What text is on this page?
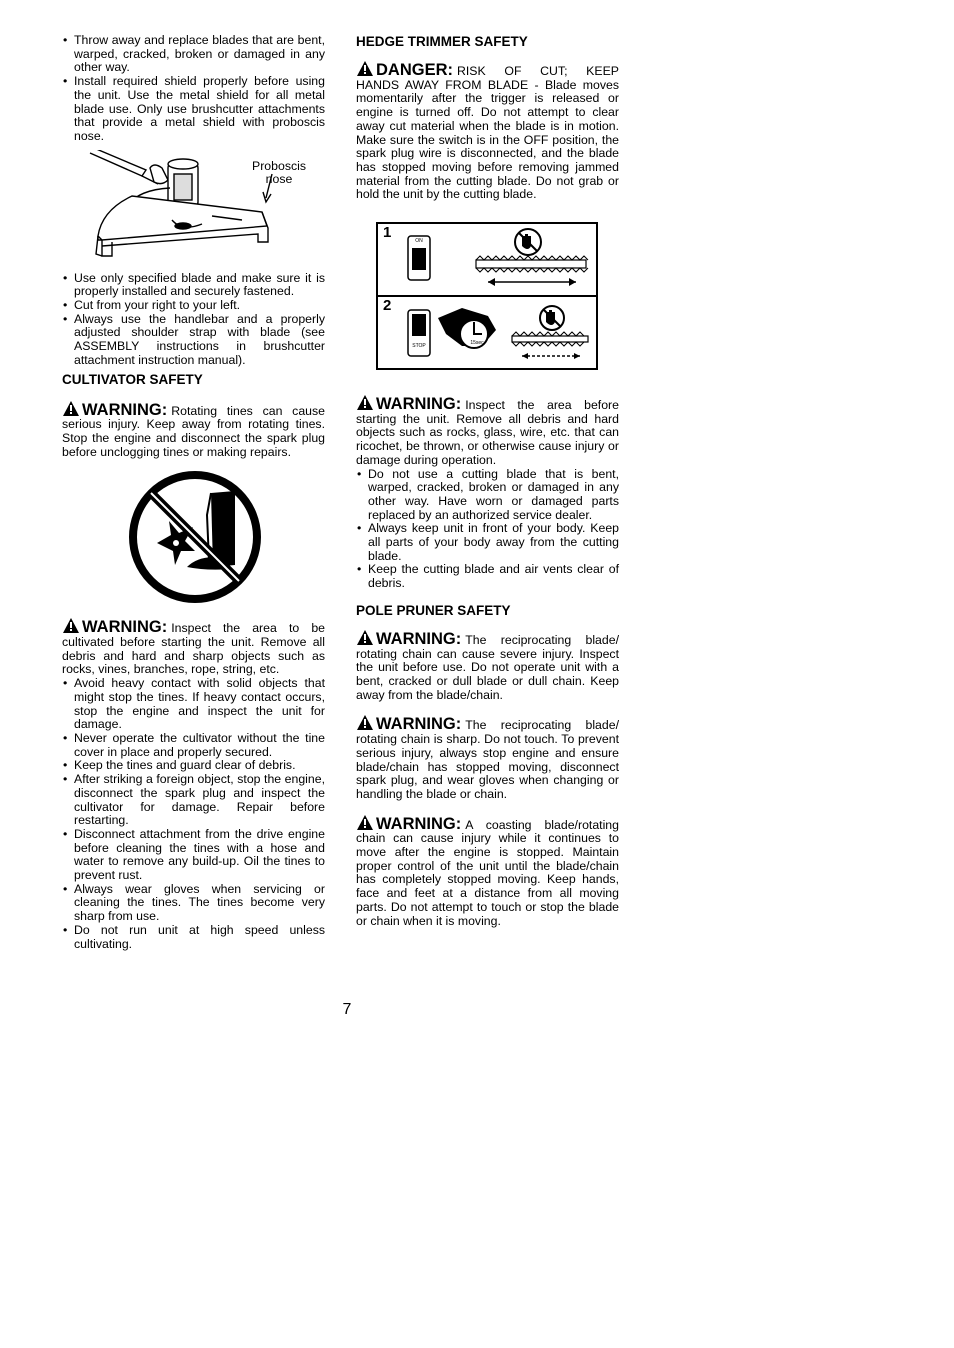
• Throw away and replace blades that are bent, warped, cracked, broken or damaged in any other way.
• Install required shield properly before using the unit. Use the metal shield for all metal blade use. Only use brushcutter attachments that provide a metal shield with proboscis nose.
Proboscis nose
• Use only specified blade and make sure it is properly installed and securely fastened.
• Cut from your right to your left.
• Always use the handlebar and a properly adjusted shoulder strap with blade (see ASSEMBLY instructions in brushcutter attachment instruction manual).
CULTIVATOR SAFETY

WARNING: Rotating tines can cause serious injury. Keep away from rotating tines. Stop the engine and disconnect the spark plug before unclogging tines or making repairs.

WARNING: Inspect the area to be cultivated before starting the unit. Remove all debris and hard and sharp objects such as rocks, vines, branches, rope, string, etc.

• Avoid heavy contact with solid objects that might stop the tines. If heavy contact occurs, stop the engine and inspect the unit for damage.
• Never operate the cultivator without the tine cover in place and properly secured.
• Keep the tines and guard clear of debris.
• After striking a foreign object, stop the engine, disconnect the spark plug and inspect the cultivator for damage. Repair before restarting.
• Disconnect attachment from the drive engine before cleaning the tines with a hose and water to remove any build-up. Oil the tines to prevent rust.
• Always wear gloves when servicing or cleaning the tines. The tines become very sharp from use.
• Do not run unit at high speed unless cultivating.
HEDGE TRIMMER SAFETY

DANGER: RISK OF CUT; KEEP HANDS AWAY FROM BLADE - Blade moves momentarily after the trigger is released or engine is turned off. Do not attempt to clear away cut material when the blade is in motion. Make sure the switch is in the OFF position, the spark plug wire is disconnected, and the blade has stopped moving before removing jammed material from the cutting blade. Do not grab or hold the unit by the cutting blade.

1
2
ON
STOP	15sec

WARNING: Inspect the area before starting the unit. Remove all debris and hard objects such as rocks, glass, wire, etc. that can ricochet, be thrown, or otherwise cause injury or damage during operation.

• Do not use a cutting blade that is bent, warped, cracked, broken or damaged in any other way. Have worn or damaged parts replaced by an authorized service dealer.
• Always keep unit in front of your body. Keep all parts of your body away from the cutting blade.
• Keep the cutting blade and air vents clear of debris.
POLE PRUNER SAFETY

WARNING: The reciprocating blade/ rotating chain can cause severe injury. Inspect the unit before use. Do not operate unit with a bent, cracked or dull blade or dull chain. Keep away from the blade/chain.

WARNING: The reciprocating blade/ rotating chain is sharp. Do not touch. To prevent serious injury, always stop engine and ensure blade/chain has stopped moving, disconnect spark plug, and wear gloves when changing or handling the blade or chain.

WARNING: A coasting blade/rotating chain can cause injury while it continues to move after the engine is stopped. Maintain proper control of the unit until the blade/chain has completely stopped moving. Keep hands, face and feet at a distance from all moving parts. Do not attempt to touch or stop the blade or chain when it is moving.

7
